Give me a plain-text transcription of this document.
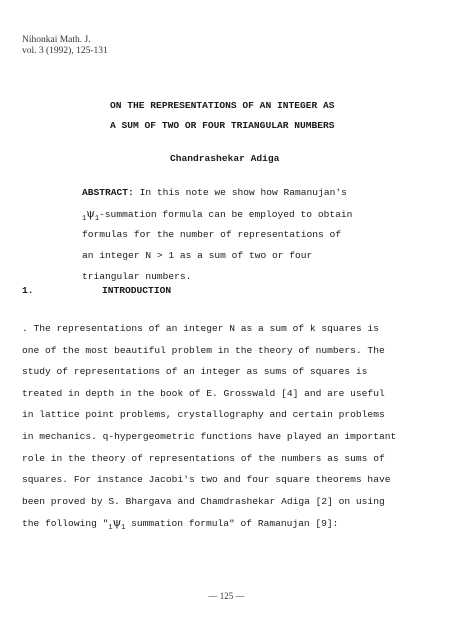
Nihonkai Math. J.
vol. 3 (1992), 125-131
ON THE REPRESENTATIONS OF AN INTEGER AS
A SUM OF TWO OR FOUR TRIANGULAR NUMBERS
Chandrashekar Adiga
ABSTRACT: In this note we show how Ramanujan's
$_1\psi_1$-summation formula can be employed to obtain
formulas for the number of representations of
an integer N > 1 as a sum of two or four
triangular numbers.
1.	INTRODUCTION
. The representations of an integer N as a sum of k squares is
one of the most beautiful problem in the theory of numbers. The
study of representations of an integer as sums of squares is
treated in depth in the book of E. Grosswald [4] and are useful
in lattice point problems, crystallography and certain problems
in mechanics. q-hypergeometric functions have played an important
role in the theory of representations of the numbers as sums of
squares. For instance Jacobi's two and four square theorems have
been proved by S. Bhargava and Chamdrashekar Adiga [2] on using
the following "$_1\psi_1$ summation formula" of Ramanujan [9]:
— 125 —
